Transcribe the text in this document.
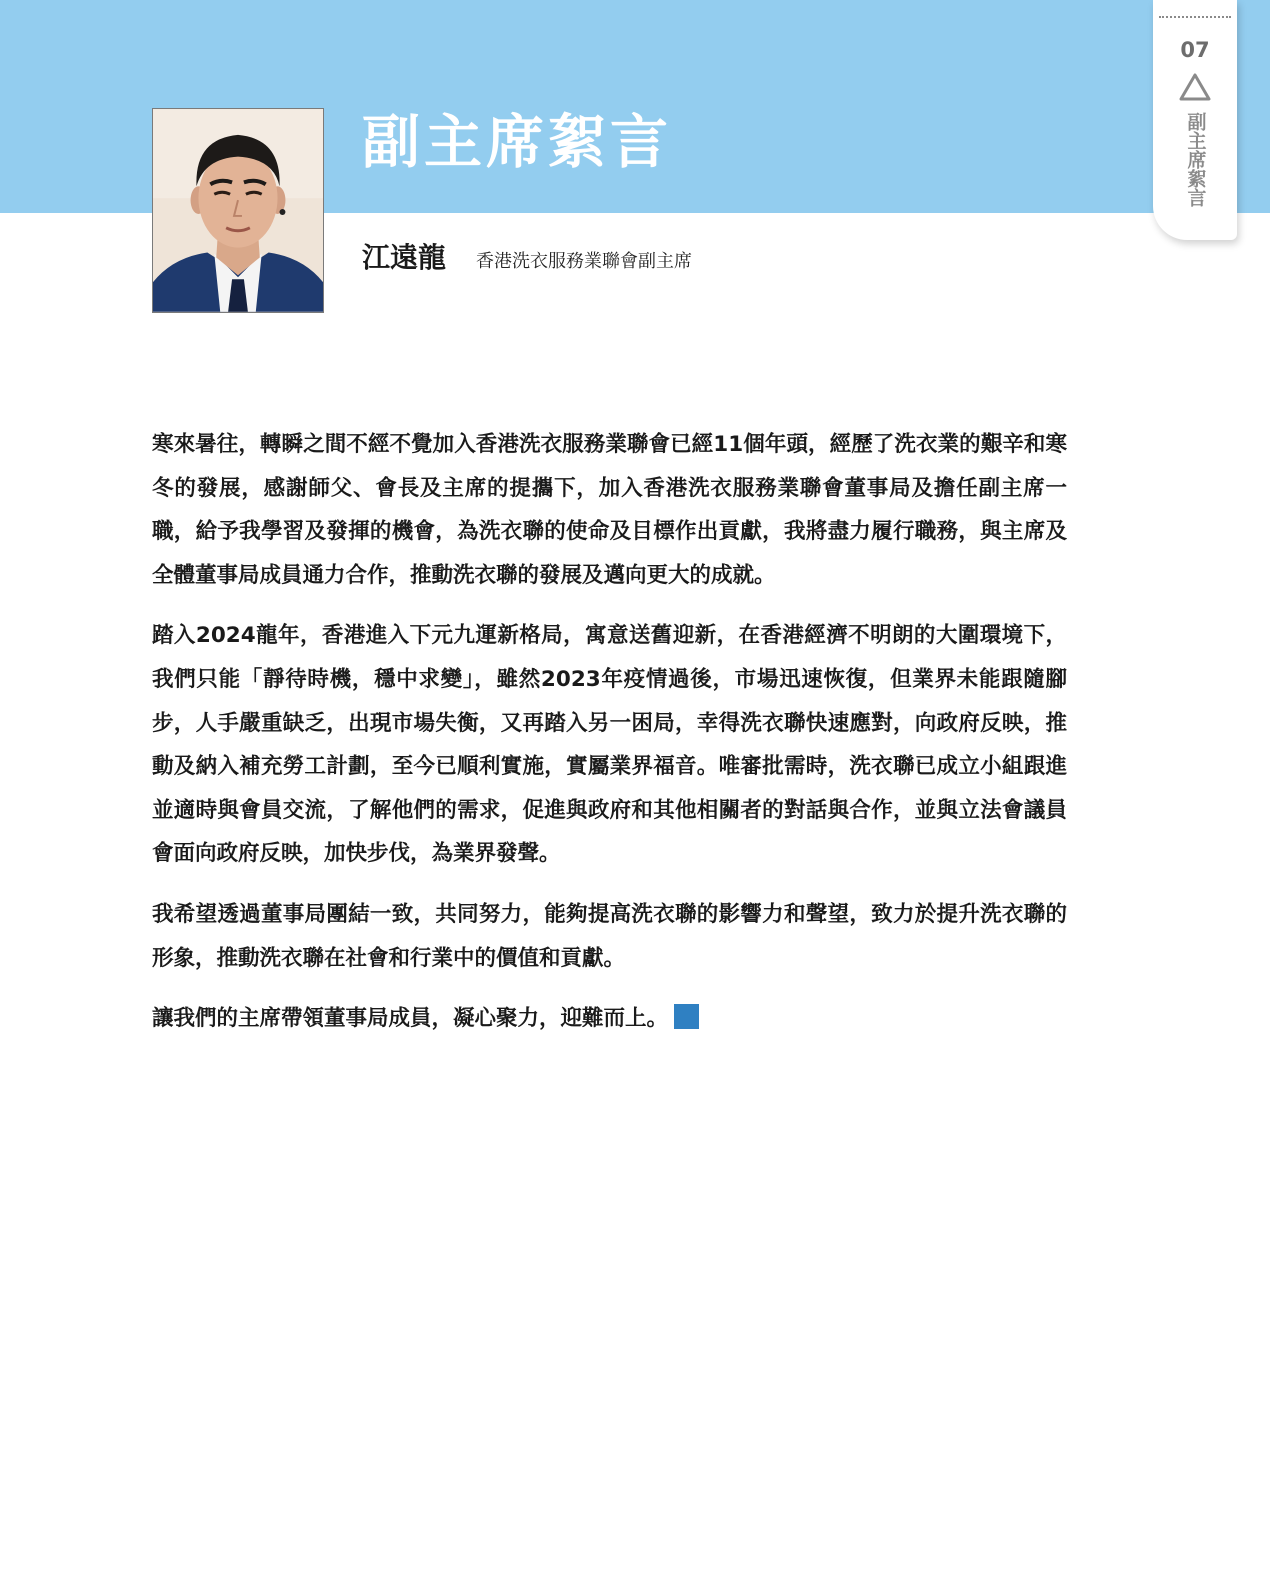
副主席絮言
江遠龍 香港洗衣服務業聯會副主席
07
副主席絮言

寒來暑往，轉瞬之間不經不覺加入香港洗衣服務業聯會已經11個年頭，經歷了洗衣業的艱辛和寒冬的發展，感謝師父、會長及主席的提攜下，加入香港洗衣服務業聯會董事局及擔任副主席一職，給予我學習及發揮的機會，為洗衣聯的使命及目標作出貢獻，我將盡力履行職務，與主席及全體董事局成員通力合作，推動洗衣聯的發展及邁向更大的成就。

踏入2024龍年，香港進入下元九運新格局，寓意送舊迎新，在香港經濟不明朗的大圍環境下，我們只能「靜待時機，穩中求變」，雖然2023年疫情過後，市場迅速恢復，但業界未能跟隨腳步，人手嚴重缺乏，出現市場失衡，又再踏入另一困局，幸得洗衣聯快速應對，向政府反映，推動及納入補充勞工計劃，至今已順利實施，實屬業界福音。唯審批需時，洗衣聯已成立小組跟進並適時與會員交流，了解他們的需求，促進與政府和其他相關者的對話與合作，並與立法會議員會面向政府反映，加快步伐，為業界發聲。

我希望透過董事局團結一致，共同努力，能夠提高洗衣聯的影響力和聲望，致力於提升洗衣聯的形象，推動洗衣聯在社會和行業中的價值和貢獻。

讓我們的主席帶領董事局成員，凝心聚力，迎難而上。
